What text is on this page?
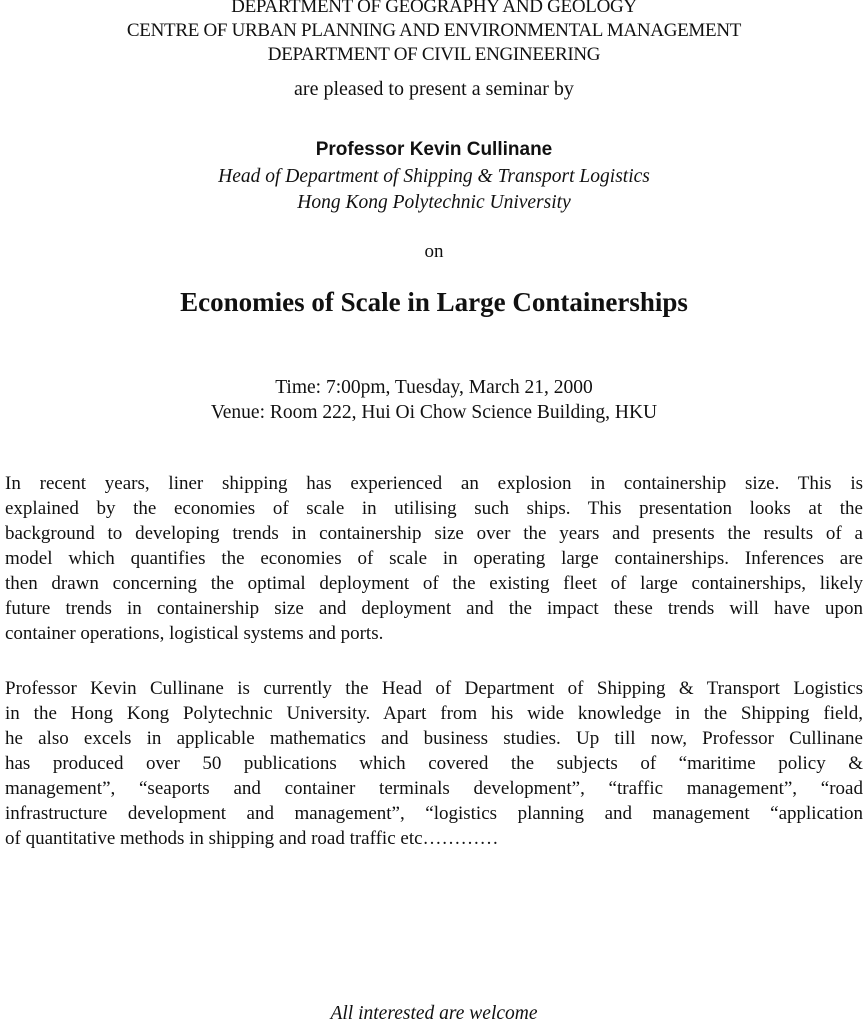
DEPARTMENT OF GEOGRAPHY AND GEOLOGY
CENTRE OF URBAN PLANNING AND ENVIRONMENTAL MANAGEMENT
DEPARTMENT OF CIVIL ENGINEERING
are pleased to present a seminar by
Professor Kevin Cullinane
Head of Department of Shipping & Transport Logistics
Hong Kong Polytechnic University
on
Economies of Scale in Large Containerships
Time: 7:00pm, Tuesday, March 21, 2000
Venue: Room 222, Hui Oi Chow Science Building, HKU
In recent years, liner shipping has experienced an explosion in containership size. This is
explained by the economies of scale in utilising such ships. This presentation looks at the
background to developing trends in containership size over the years and presents the results of a
model which quantifies the economies of scale in operating large containerships. Inferences are
then drawn concerning the optimal deployment of the existing fleet of large containerships, likely
future trends in containership size and deployment and the impact these trends will have upon
container operations, logistical systems and ports.
Professor Kevin Cullinane is currently the Head of Department of Shipping & Transport Logistics
in the Hong Kong Polytechnic University. Apart from his wide knowledge in the Shipping field,
he also excels in applicable mathematics and business studies. Up till now, Professor Cullinane
has produced over 50 publications which covered the subjects of “maritime policy &
management”, “seaports and container terminals development”, “traffic management”, “road
infrastructure development and management”, “logistics planning and management “application
of quantitative methods in shipping and road traffic etc…………
All interested are welcome
